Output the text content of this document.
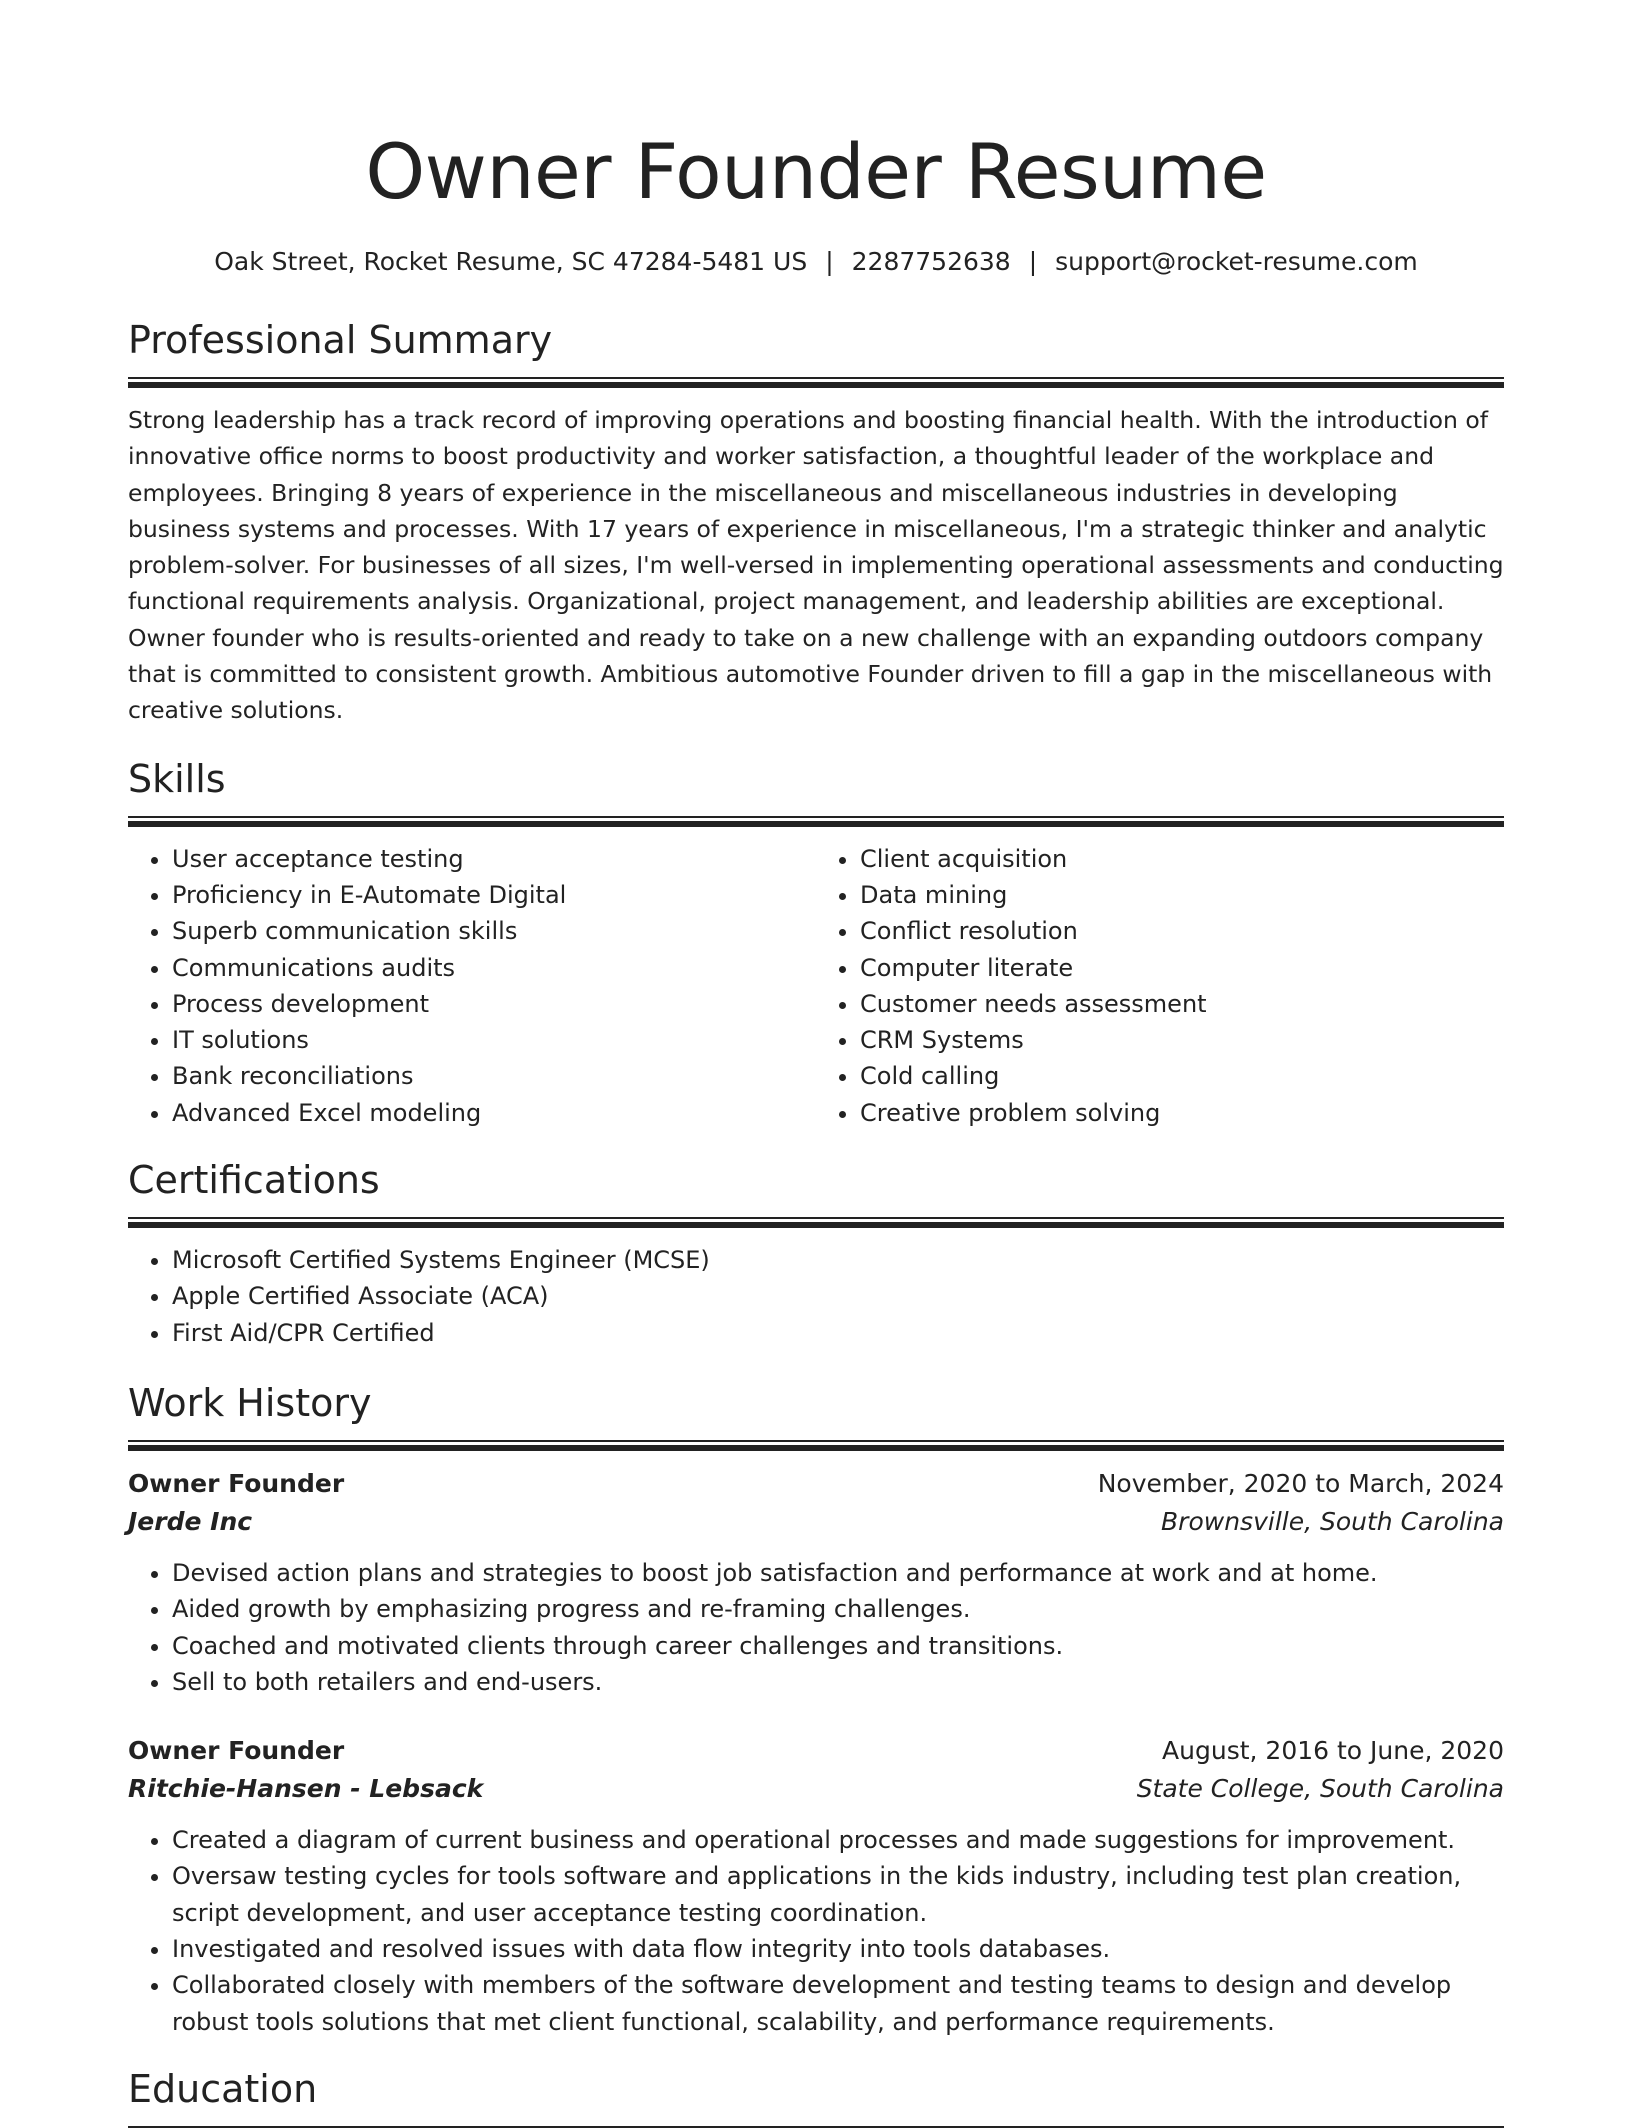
Owner Founder Resume
Oak Street, Rocket Resume, SC 47284-5481 US | 2287752638 | support@rocket-resume.com
Professional Summary

Strong leadership has a track record of improving operations and boosting financial health. With the introduction of innovative office norms to boost productivity and worker satisfaction, a thoughtful leader of the workplace and employees. Bringing 8 years of experience in the miscellaneous and miscellaneous industries in developing business systems and processes. With 17 years of experience in miscellaneous, I'm a strategic thinker and analytic problem-solver. For businesses of all sizes, I'm well-versed in implementing operational assessments and conducting functional requirements analysis. Organizational, project management, and leadership abilities are exceptional. Owner founder who is results-oriented and ready to take on a new challenge with an expanding outdoors company that is committed to consistent growth. Ambitious automotive Founder driven to fill a gap in the miscellaneous with creative solutions.

Skills
• User acceptance testing
• Proficiency in E-Automate Digital
• Superb communication skills
• Communications audits
• Process development
• IT solutions
• Bank reconciliations
• Advanced Excel modeling
• Client acquisition
• Data mining
• Conflict resolution
• Computer literate
• Customer needs assessment
• CRM Systems
• Cold calling
• Creative problem solving
Certifications
• Microsoft Certified Systems Engineer (MCSE)
• Apple Certified Associate (ACA)
• First Aid/CPR Certified
Work History
Owner Founder	November, 2020 to March, 2024
Jerde Inc	Brownsville, South Carolina
• Devised action plans and strategies to boost job satisfaction and performance at work and at home.
• Aided growth by emphasizing progress and re-framing challenges.
• Coached and motivated clients through career challenges and transitions.
• Sell to both retailers and end-users.
Owner Founder	August, 2016 to June, 2020
Ritchie-Hansen - Lebsack	State College, South Carolina
• Created a diagram of current business and operational processes and made suggestions for improvement.
• Oversaw testing cycles for tools software and applications in the kids industry, including test plan creation, script development, and user acceptance testing coordination.
• Investigated and resolved issues with data flow integrity into tools databases.
• Collaborated closely with members of the software development and testing teams to design and develop robust tools solutions that met client functional, scalability, and performance requirements.
Education
